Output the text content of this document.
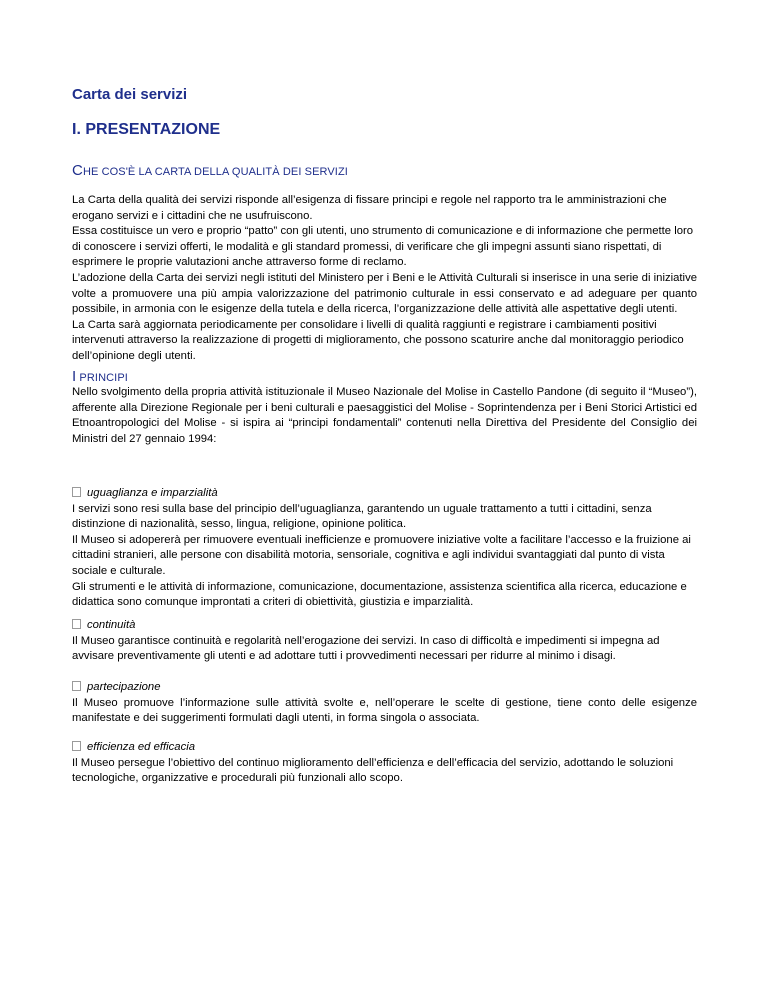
Carta dei servizi
I. PRESENTAZIONE
CHE COS'È LA CARTA DELLA QUALITÀ DEI SERVIZI

La Carta della qualità dei servizi risponde all’esigenza di fissare principi e regole nel rapporto tra le amministrazioni che erogano servizi e i cittadini che ne usufruiscono.

Essa costituisce un vero e proprio “patto” con gli utenti, uno strumento di comunicazione e di informazione che permette loro di conoscere i servizi offerti, le modalità e gli standard promessi, di verificare che gli impegni assunti siano rispettati, di esprimere le proprie valutazioni anche attraverso forme di reclamo.

L’adozione della Carta dei servizi negli istituti del Ministero per i Beni e le Attività Culturali si inserisce in una serie di iniziative volte a promuovere una più ampia valorizzazione del patrimonio culturale in essi conservato e ad adeguare per quanto possibile, in armonia con le esigenze della tutela e della ricerca, l’organizzazione delle attività alle aspettative degli utenti.

La Carta sarà aggiornata periodicamente per consolidare i livelli di qualità raggiunti e registrare i cambiamenti positivi intervenuti attraverso la realizzazione di progetti di miglioramento, che possono scaturire anche dal monitoraggio periodico dell’opinione degli utenti.

I PRINCIPI

Nello svolgimento della propria attività istituzionale il Museo Nazionale del Molise in Castello Pandone (di seguito il “Museo”), afferente alla Direzione Regionale per i beni culturali e paesaggistici del Molise - Soprintendenza per i Beni Storici Artistici ed Etnoantropologici del Molise - si ispira ai “principi fondamentali” contenuti nella Direttiva del Presidente del Consiglio dei Ministri del 27 gennaio 1994:

uguaglianza e imparzialità

I servizi sono resi sulla base del principio dell’uguaglianza, garantendo un uguale trattamento a tutti i cittadini, senza distinzione di nazionalità, sesso, lingua, religione, opinione politica.

Il Museo si adopererà per rimuovere eventuali inefficienze e promuovere iniziative volte a facilitare l’accesso e la fruizione ai cittadini stranieri, alle persone con disabilità motoria, sensoriale, cognitiva e agli individui svantaggiati dal punto di vista sociale e culturale.

Gli strumenti e le attività di informazione, comunicazione, documentazione, assistenza scientifica alla ricerca, educazione e didattica sono comunque improntati a criteri di obiettività, giustizia e imparzialità.

continuità

Il Museo garantisce continuità e regolarità nell’erogazione dei servizi. In caso di difficoltà e impedimenti si impegna ad avvisare preventivamente gli utenti e ad adottare tutti i provvedimenti necessari per ridurre al minimo i disagi.

partecipazione

Il Museo promuove l’informazione sulle attività svolte e, nell’operare le scelte di gestione, tiene conto delle esigenze manifestate e dei suggerimenti formulati dagli utenti, in forma singola o associata.

efficienza ed efficacia

Il Museo persegue l’obiettivo del continuo miglioramento dell’efficienza e dell’efficacia del servizio, adottando le soluzioni tecnologiche, organizzative e procedurali più funzionali allo scopo.
